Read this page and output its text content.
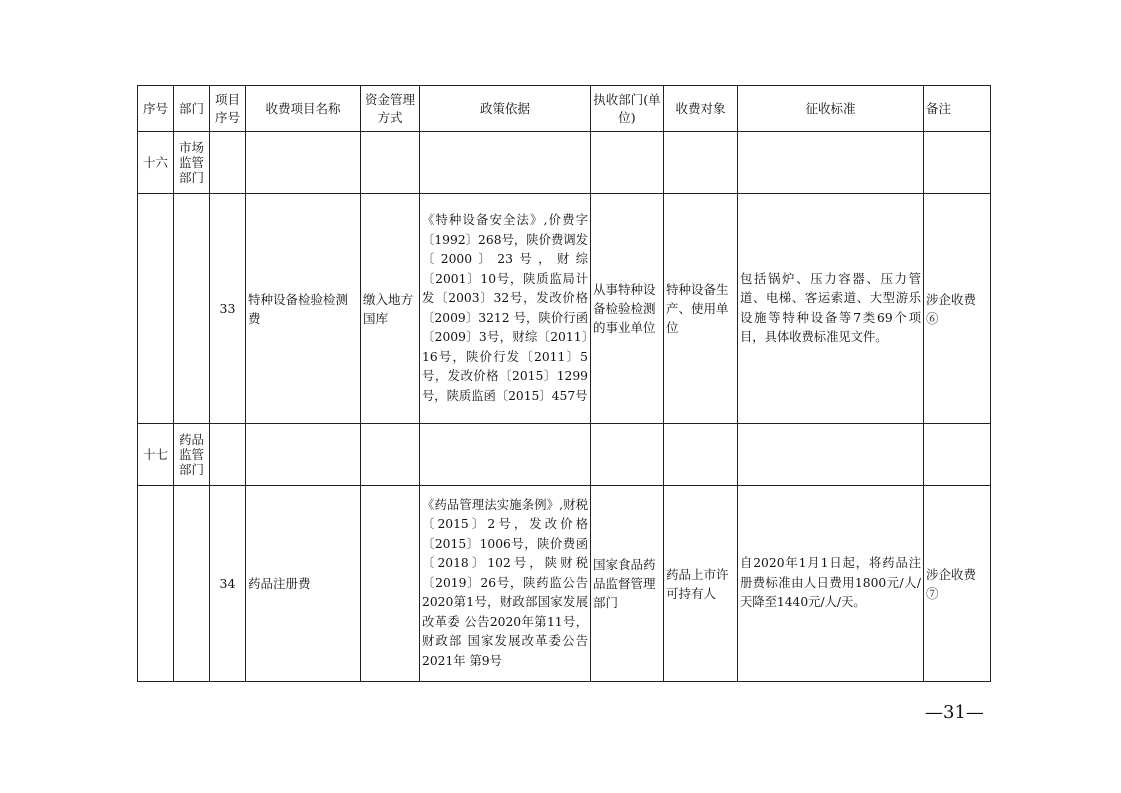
序号	部门	项目序号	收费项目名称	资金管理方式	政策依据	执收部门(单位)	收费对象	征收标准	备注
十六	市场监管部门								
		33	特种设备检验检测费	缴入地方国库	《特种设备安全法》,价费字〔1992〕268号，陕价费调发〔2000〕23号，财综〔2001〕10号，陕质监局计发〔2003〕32号，发改价格〔2009〕3212 号，陕价行函〔2009〕3号，财综〔2011〕16号，陕价行发〔2011〕5号，发改价格〔2015〕1299号，陕质监函〔2015〕457号	从事特种设备检验检测的事业单位	特种设备生产、使用单位	包括锅炉、压力容器、压力管道、电梯、客运索道、大型游乐设施等特种设备等7类69个项目，具体收费标准见文件。	涉企收费⑥
十七	药品监管部门								
		34	药品注册费		《药品管理法实施条例》,财税〔2015〕2号，发改价格〔2015〕1006号，陕价费函〔2018〕102号，陕财税〔2019〕26号，陕药监公告2020第1号，财政部国家发展改革委 公告2020年第11号，财政部 国家发展改革委公告2021年 第9号	国家食品药品监督管理部门	药品上市许可持有人	自2020年1月1日起，将药品注册费标准由人日费用1800元/人/天降至1440元/人/天。	涉企收费⑦
—31—
